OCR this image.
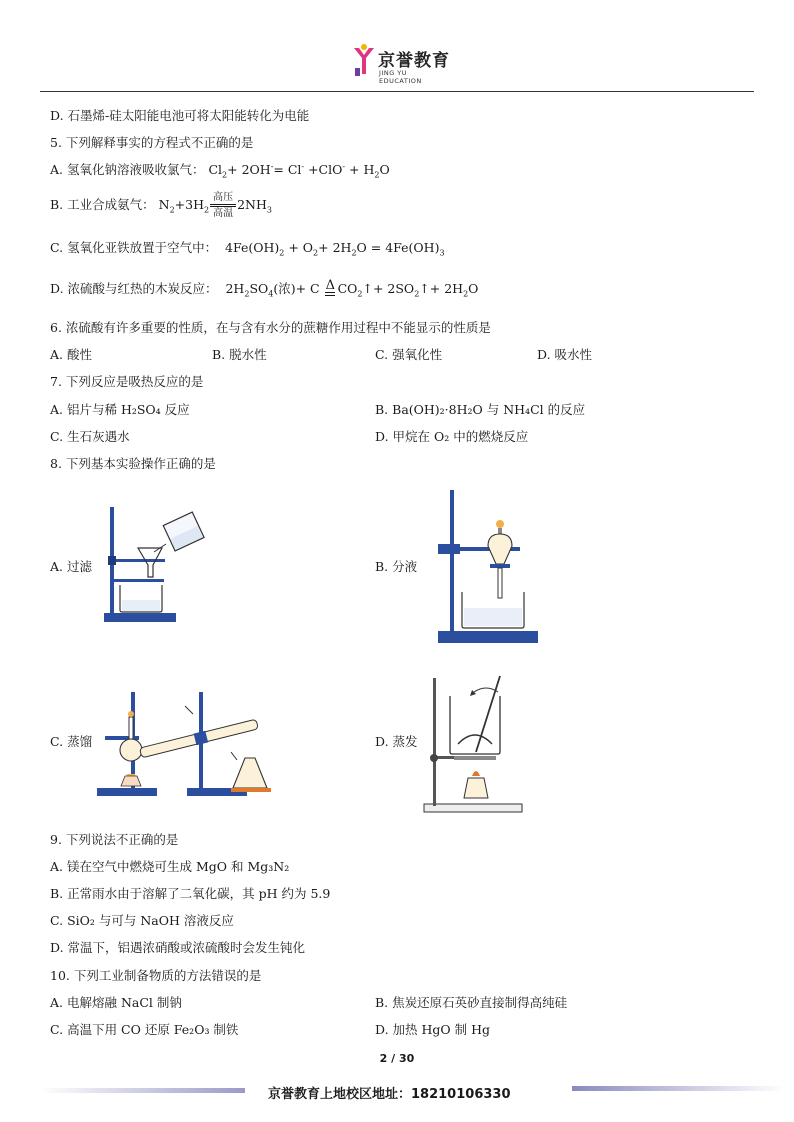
京誉教育
JING YU EDUCATION
D. 石墨烯-硅太阳能电池可将太阳能转化为电能
5. 下列解释事实的方程式不正确的是
A. 氢氧化钠溶液吸收氯气： $Cl_2+ 2OH^-= Cl^- +ClO^- + H_2O$
B. 工业合成氨气： $N_2+3H_2$高压
高温$2NH_3$
C. 氢氧化亚铁放置于空气中：  $4Fe(OH)_2 + O_2+ 2H_2O = 4Fe(OH)_3$
D. 浓硫酸与红热的木炭反应：  $2H_2SO_4$(浓)+ C Δ $CO_2↑+$ $2SO_2↑+ 2H_2O$
6. 浓硫酸有许多重要的性质，在与含有水分的蔗糖作用过程中不能显示的性质是
A. 酸性	B. 脱水性	C. 强氧化性	D. 吸水性
7. 下列反应是吸热反应的是
A. 铝片与稀 H₂SO₄ 反应	B. Ba(OH)₂·8H₂O 与 NH₄Cl 的反应
C. 生石灰遇水	D. 甲烷在 O₂ 中的燃烧反应
8. 下列基本实验操作正确的是
A. 过滤	B. 分液
C. 蒸馏	D. 蒸发
9. 下列说法不正确的是
A. 镁在空气中燃烧可生成 MgO 和 Mg₃N₂
B. 正常雨水由于溶解了二氧化碳，其 pH 约为 5.9
C. SiO₂ 与可与 NaOH 溶液反应
D. 常温下，铝遇浓硝酸或浓硫酸时会发生钝化
10. 下列工业制备物质的方法错误的是
A. 电解熔融 NaCl 制钠	B. 焦炭还原石英砂直接制得高纯硅
C. 高温下用 CO 还原 Fe₂O₃ 制铁	D. 加热 HgO 制 Hg
2 / 30
京誉教育上地校区地址：18210106330
